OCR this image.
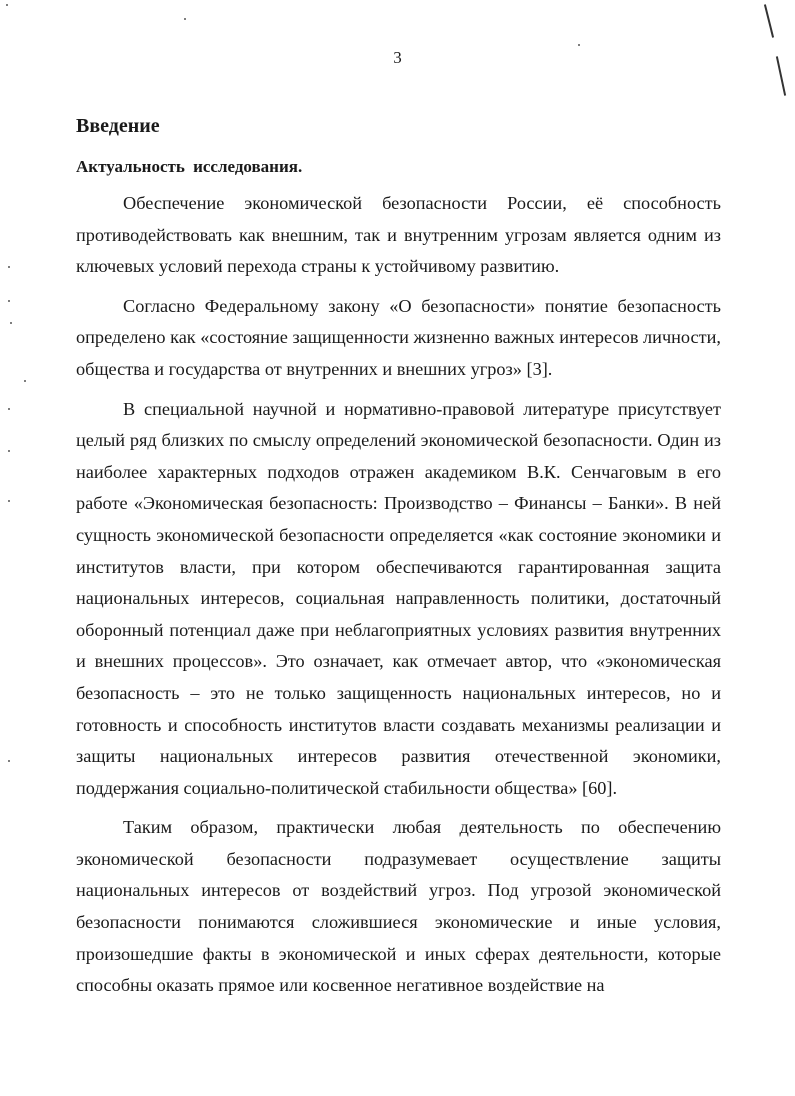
3
Введение
Актуальность исследования.

Обеспечение экономической безопасности России, её способность противодействовать как внешним, так и внутренним угрозам является одним из ключевых условий перехода страны к устойчивому развитию.

Согласно Федеральному закону «О безопасности» понятие безопасность определено как «состояние защищенности жизненно важных интересов личности, общества и государства от внутренних и внешних угроз» [3].

В специальной научной и нормативно-правовой литературе присутствует целый ряд близких по смыслу определений экономической безопасности. Один из наиболее характерных подходов отражен академиком В.К. Сенчаговым в его работе «Экономическая безопасность: Производство – Финансы – Банки». В ней сущность экономической безопасности определяется «как состояние экономики и институтов власти, при котором обеспечиваются гарантированная защита национальных интересов, социальная направленность политики, достаточный оборонный потенциал даже при неблагоприятных условиях развития внутренних и внешних процессов». Это означает, как отмечает автор, что «экономическая безопасность – это не только защищенность национальных интересов, но и готовность и способность институтов власти создавать механизмы реализации и защиты национальных интересов развития отечественной экономики, поддержания социально-политической стабильности общества» [60].

Таким образом, практически любая деятельность по обеспечению экономической безопасности подразумевает осуществление защиты национальных интересов от воздействий угроз. Под угрозой экономической безопасности понимаются сложившиеся экономические и иные условия, произошедшие факты в экономической и иных сферах деятельности, которые способны оказать прямое или косвенное негативное воздействие на
